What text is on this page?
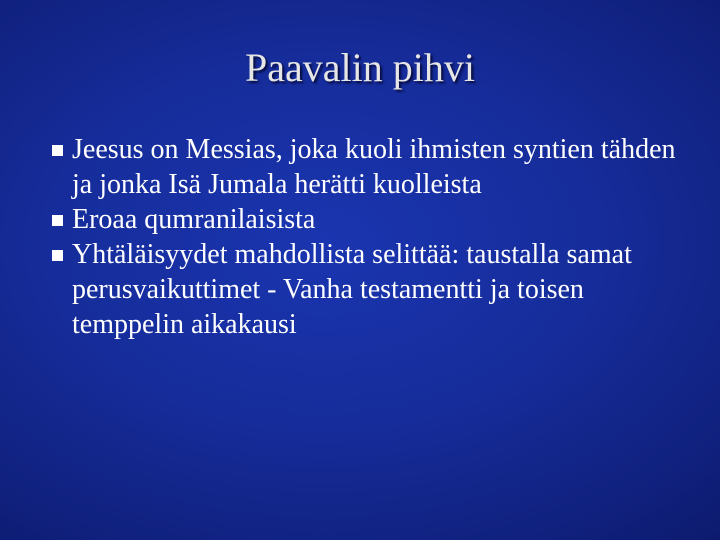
Paavalin pihvi
Jeesus on Messias, joka kuoli ihmisten syntien tähden ja jonka Isä Jumala herätti kuolleista
Eroaa qumranilaisista
Yhtäläisyydet mahdollista selittää: taustalla samat perusvaikuttimet - Vanha testamentti ja toisen temppelin aikakausi
